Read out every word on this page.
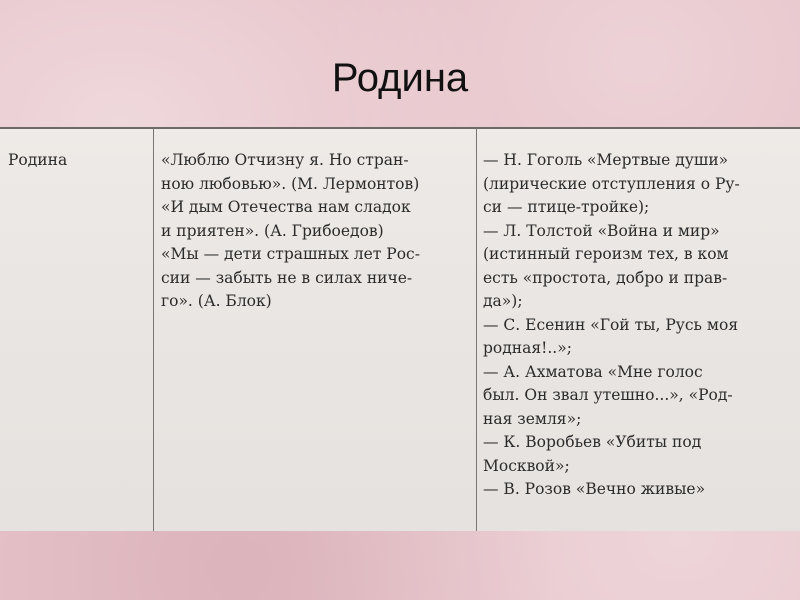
Родина
Родина	«Люблю Отчизну я. Но стран-
ною любовью». (М. Лермонтов)
«И дым Отечества нам сладок
и приятен». (А. Грибоедов)
«Мы — дети страшных лет Рос-
сии — забыть не в силах ниче-
го». (А. Блок)
— Н. Гоголь «Мертвые души»
(лирические отступления о Ру-
си — птице-тройке);
— Л. Толстой «Война и мир»
(истинный героизм тех, в ком
есть «простота, добро и прав-
да»);
— С. Есенин «Гой ты, Русь моя
родная!..»;
— А. Ахматова «Мне голос
был. Он звал утешно...», «Род-
ная земля»;
— К. Воробьев «Убиты под
Москвой»;
— В. Розов «Вечно живые»
